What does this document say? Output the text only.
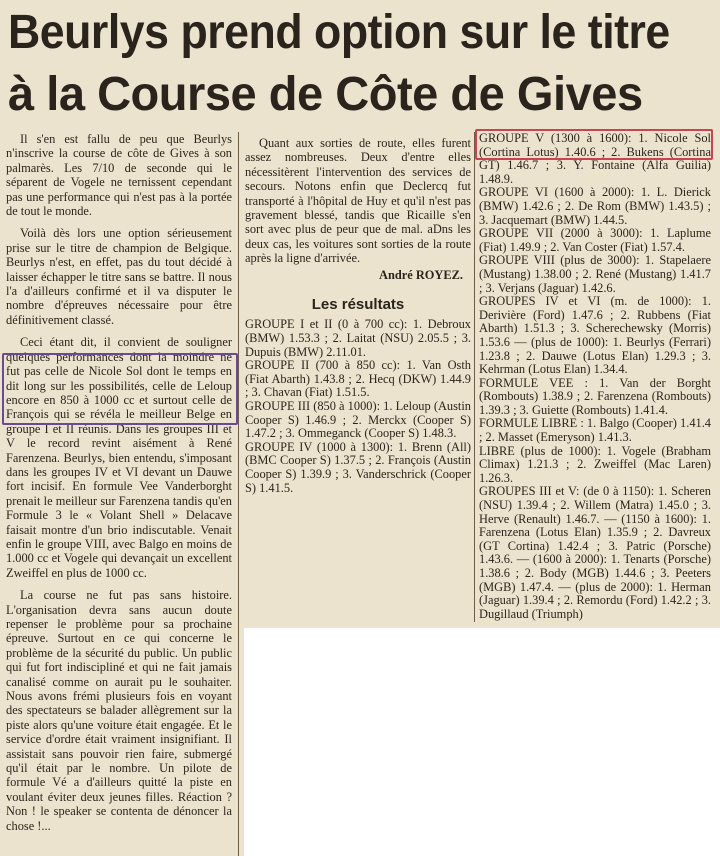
Beurlys prend option sur le titre
à la Course de Côte de Gives

Il s'en est fallu de peu que Beurlys n'inscrive la course de côte de Gives à son palmarès. Les 7/10 de seconde qui le séparent de Vogele ne ternissent cependant pas une performance qui n'est pas à la portée de tout le monde.

Voilà dès lors une option sérieusement prise sur le titre de champion de Belgique. Beurlys n'est, en effet, pas du tout décidé à laisser échapper le titre sans se battre. Il nous l'a d'ailleurs confirmé et il va disputer le nombre d'épreuves nécessaire pour être définitivement classé.

Ceci étant dit, il convient de souligner quelques performances dont la moindre ne fut pas celle de Nicole Sol dont le temps en dit long sur les possibilités, celle de Leloup encore en 850 à 1000 cc et surtout celle de François qui se révéla le meilleur Belge en groupe I et II réunis. Dans les groupes III et V le record revint aisément à René Farenzena. Beurlys, bien entendu, s'imposant dans les groupes IV et VI devant un Dauwe fort incisif. En formule Vee Vanderborght prenait le meilleur sur Farenzena tandis qu'en Formule 3 le « Volant Shell » Delacave faisait montre d'un brio indiscutable. Venait enfin le groupe VIII, avec Balgo en moins de 1.000 cc et Vogele qui devançait un excellent Zweiffel en plus de 1000 cc.

La course ne fut pas sans histoire. L'organisation devra sans aucun doute repenser le problème pour sa prochaine épreuve. Surtout en ce qui concerne le problème de la sécurité du public. Un public qui fut fort indiscipliné et qui ne fait jamais canalisé comme on aurait pu le souhaiter. Nous avons frémi plusieurs fois en voyant des spectateurs se balader allègrement sur la piste alors qu'une voiture était engagée. Et le service d'ordre était vraiment insignifiant. Il assistait sans pouvoir rien faire, submergé qu'il était par le nombre. Un pilote de formule Vé a d'ailleurs quitté la piste en voulant éviter deux jeunes filles. Réaction ? Non ! le speaker se contenta de dénoncer la chose !...

Quant aux sorties de route, elles furent assez nombreuses. Deux d'entre elles nécessitèrent l'intervention des services de secours. Notons enfin que Declercq fut transporté à l'hôpital de Huy et qu'il n'est pas gravement blessé, tandis que Ricaille s'en sort avec plus de peur que de mal. aDns les deux cas, les voitures sont sorties de la route après la ligne d'arrivée.

André ROYEZ.
Les résultats

GROUPE I et II (0 à 700 cc): 1. Debroux (BMW) 1.53.3 ; 2. Laitat (NSU) 2.05.5 ; 3. Dupuis (BMW) 2.11.01.

GROUPE II (700 à 850 cc): 1. Van Osth (Fiat Abarth) 1.43.8 ; 2. Hecq (DKW) 1.44.9 ; 3. Chavan (Fiat) 1.51.5.

GROUPE III (850 à 1000): 1. Leloup (Austin Cooper S) 1.46.9 ; 2. Merckx (Cooper S) 1.47.2 ; 3. Ommeganck (Cooper S) 1.48.3.

GROUPE IV (1000 à 1300): 1. Brenn (All) (BMC Cooper S) 1.37.5 ; 2. François (Austin Cooper S) 1.39.9 ; 3. Vanderschrick (Cooper S) 1.41.5.

GROUPE V (1300 à 1600): 1. Nicole Sol (Cortina Lotus) 1.40.6 ; 2. Bukens (Cortina GT) 1.46.7 ; 3. Y. Fontaine (Alfa Guilia) 1.48.9.

GROUPE VI (1600 à 2000): 1. L. Dierick (BMW) 1.42.6 ; 2. De Rom (BMW) 1.43.5) ; 3. Jacquemart (BMW) 1.44.5.

GROUPE VII (2000 à 3000): 1. Laplume (Fiat) 1.49.9 ; 2. Van Coster (Fiat) 1.57.4.

GROUPE VIII (plus de 3000): 1. Stapelaere (Mustang) 1.38.00 ; 2. René (Mustang) 1.41.7 ; 3. Verjans (Jaguar) 1.42.6.

GROUPES IV et VI (m. de 1000): 1. Derivière (Ford) 1.47.6 ; 2. Rubbens (Fiat Abarth) 1.51.3 ; 3. Scherechewsky (Morris) 1.53.6 — (plus de 1000): 1. Beurlys (Ferrari) 1.23.8 ; 2. Dauwe (Lotus Elan) 1.29.3 ; 3. Kehrman (Lotus Elan) 1.34.4.

FORMULE VEE : 1. Van der Borght (Rombouts) 1.38.9 ; 2. Farenzena (Rombouts) 1.39.3 ; 3. Guiette (Rombouts) 1.41.4.

FORMULE LIBRE : 1. Balgo (Cooper) 1.41.4 ; 2. Masset (Emeryson) 1.41.3.

LIBRE (plus de 1000): 1. Vogele (Brabham Climax) 1.21.3 ; 2. Zweiffel (Mac Laren) 1.26.3.

GROUPES III et V: (de 0 à 1150): 1. Scheren (NSU) 1.39.4 ; 2. Willem (Matra) 1.45.0 ; 3. Herve (Renault) 1.46.7. — (1150 à 1600): 1. Farenzena (Lotus Elan) 1.35.9 ; 2. Davreux (GT Cortina) 1.42.4 ; 3. Patric (Porsche) 1.43.6. — (1600 à 2000): 1. Tenarts (Porsche) 1.38.6 ; 2. Body (MGB) 1.44.6 ; 3. Peeters (MGB) 1.47.4. — (plus de 2000): 1. Herman (Jaguar) 1.39.4 ; 2. Remordu (Ford) 1.42.2 ; 3. Dugillaud (Triumph)
